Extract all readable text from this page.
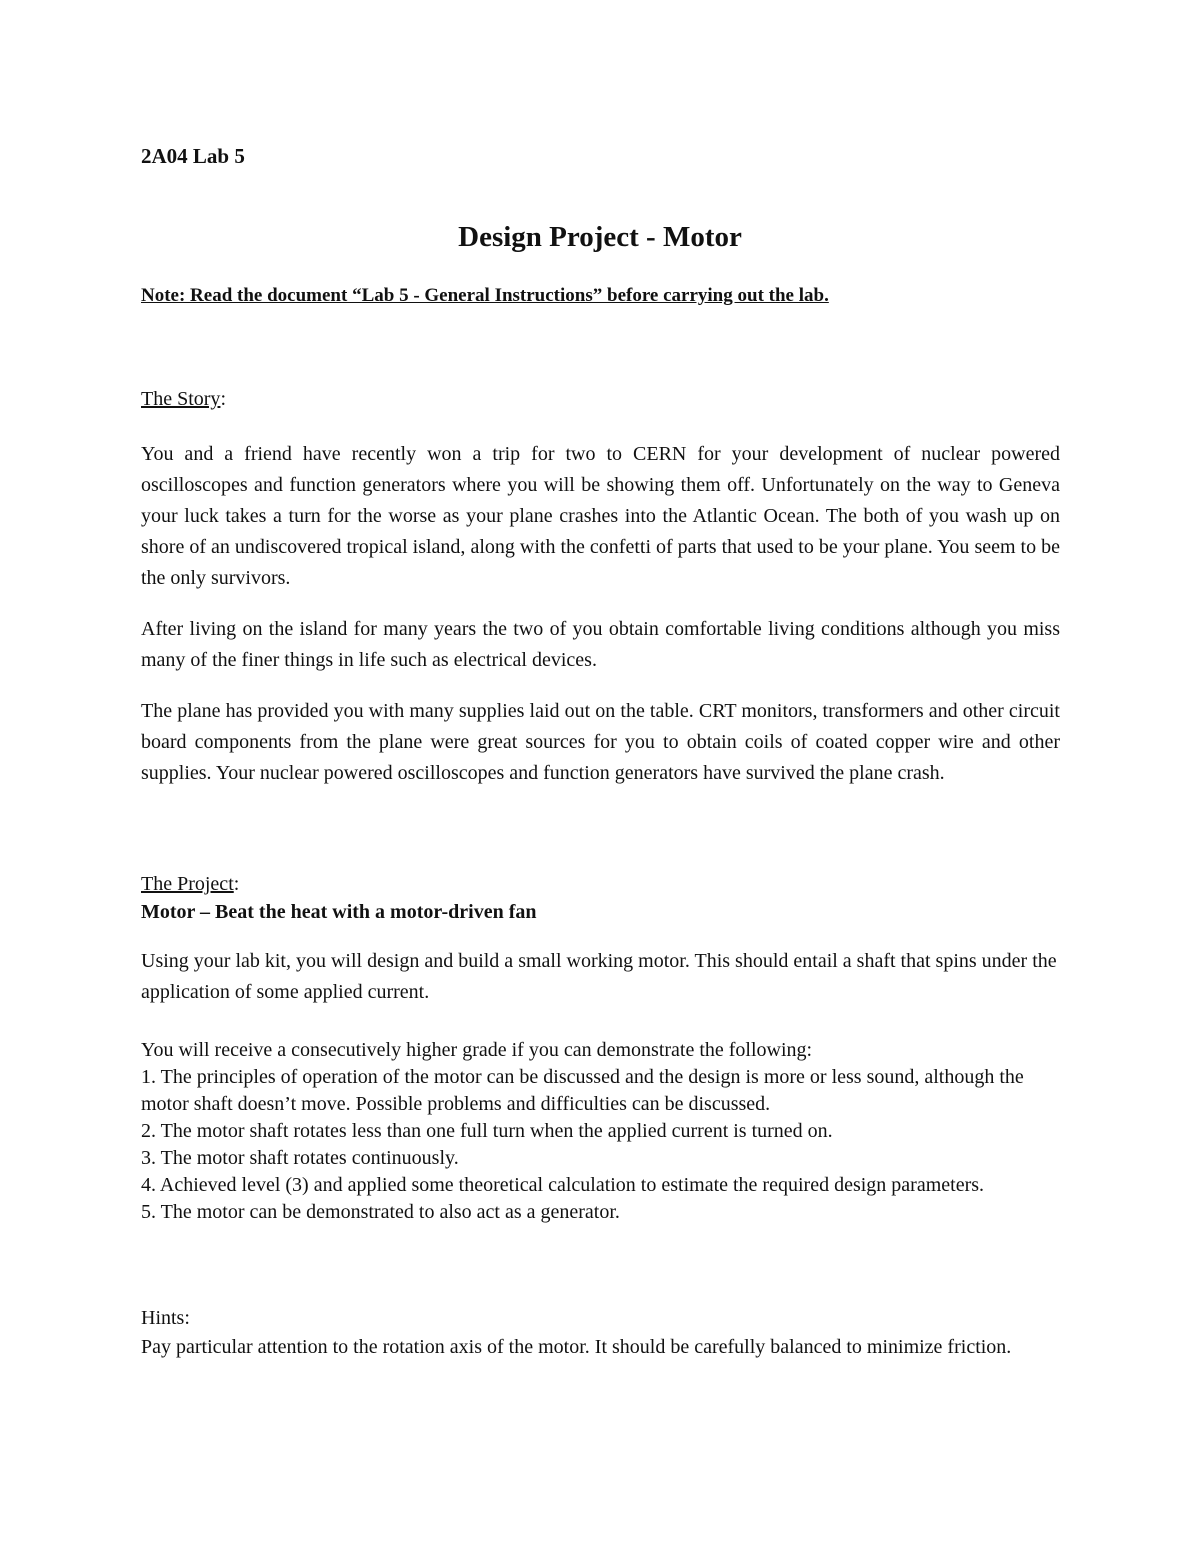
2A04 Lab 5

Design Project - Motor

Note: Read the document “Lab 5 - General Instructions” before carrying out the lab.

The Story:

You and a friend have recently won a trip for two to CERN for your development of nuclear powered oscilloscopes and function generators where you will be showing them off. Unfortunately on the way to Geneva your luck takes a turn for the worse as your plane crashes into the Atlantic Ocean. The both of you wash up on shore of an undiscovered tropical island, along with the confetti of parts that used to be your plane. You seem to be the only survivors.

After living on the island for many years the two of you obtain comfortable living conditions although you miss many of the finer things in life such as electrical devices.

The plane has provided you with many supplies laid out on the table. CRT monitors, transformers and other circuit board components from the plane were great sources for you to obtain coils of coated copper wire and other supplies. Your nuclear powered oscilloscopes and function generators have survived the plane crash.

The Project:

Motor – Beat the heat with a motor-driven fan

Using your lab kit, you will design and build a small working motor. This should entail a shaft that spins under the application of some applied current.

You will receive a consecutively higher grade if you can demonstrate the following:
1. The principles of operation of the motor can be discussed and the design is more or less sound, although the motor shaft doesn’t move. Possible problems and difficulties can be discussed.
2. The motor shaft rotates less than one full turn when the applied current is turned on.
3. The motor shaft rotates continuously.
4. Achieved level (3) and applied some theoretical calculation to estimate the required design parameters.
5. The motor can be demonstrated to also act as a generator.

Hints:

Pay particular attention to the rotation axis of the motor. It should be carefully balanced to minimize friction.
